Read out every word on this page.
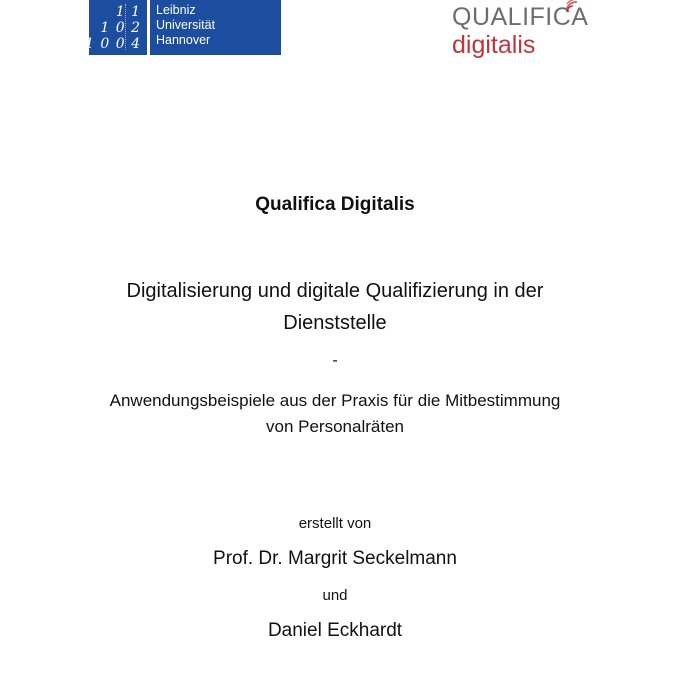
1 1
1 0 2
1 0 0 4
Leibniz
Universität
Hannover
QUALIFICA
digitalis
Qualifica Digitalis
Digitalisierung und digitale Qualifizierung in der
Dienststelle
-
Anwendungsbeispiele aus der Praxis für die Mitbestimmung
von Personalräten
erstellt von
Prof. Dr. Margrit Seckelmann
und
Daniel Eckhardt
